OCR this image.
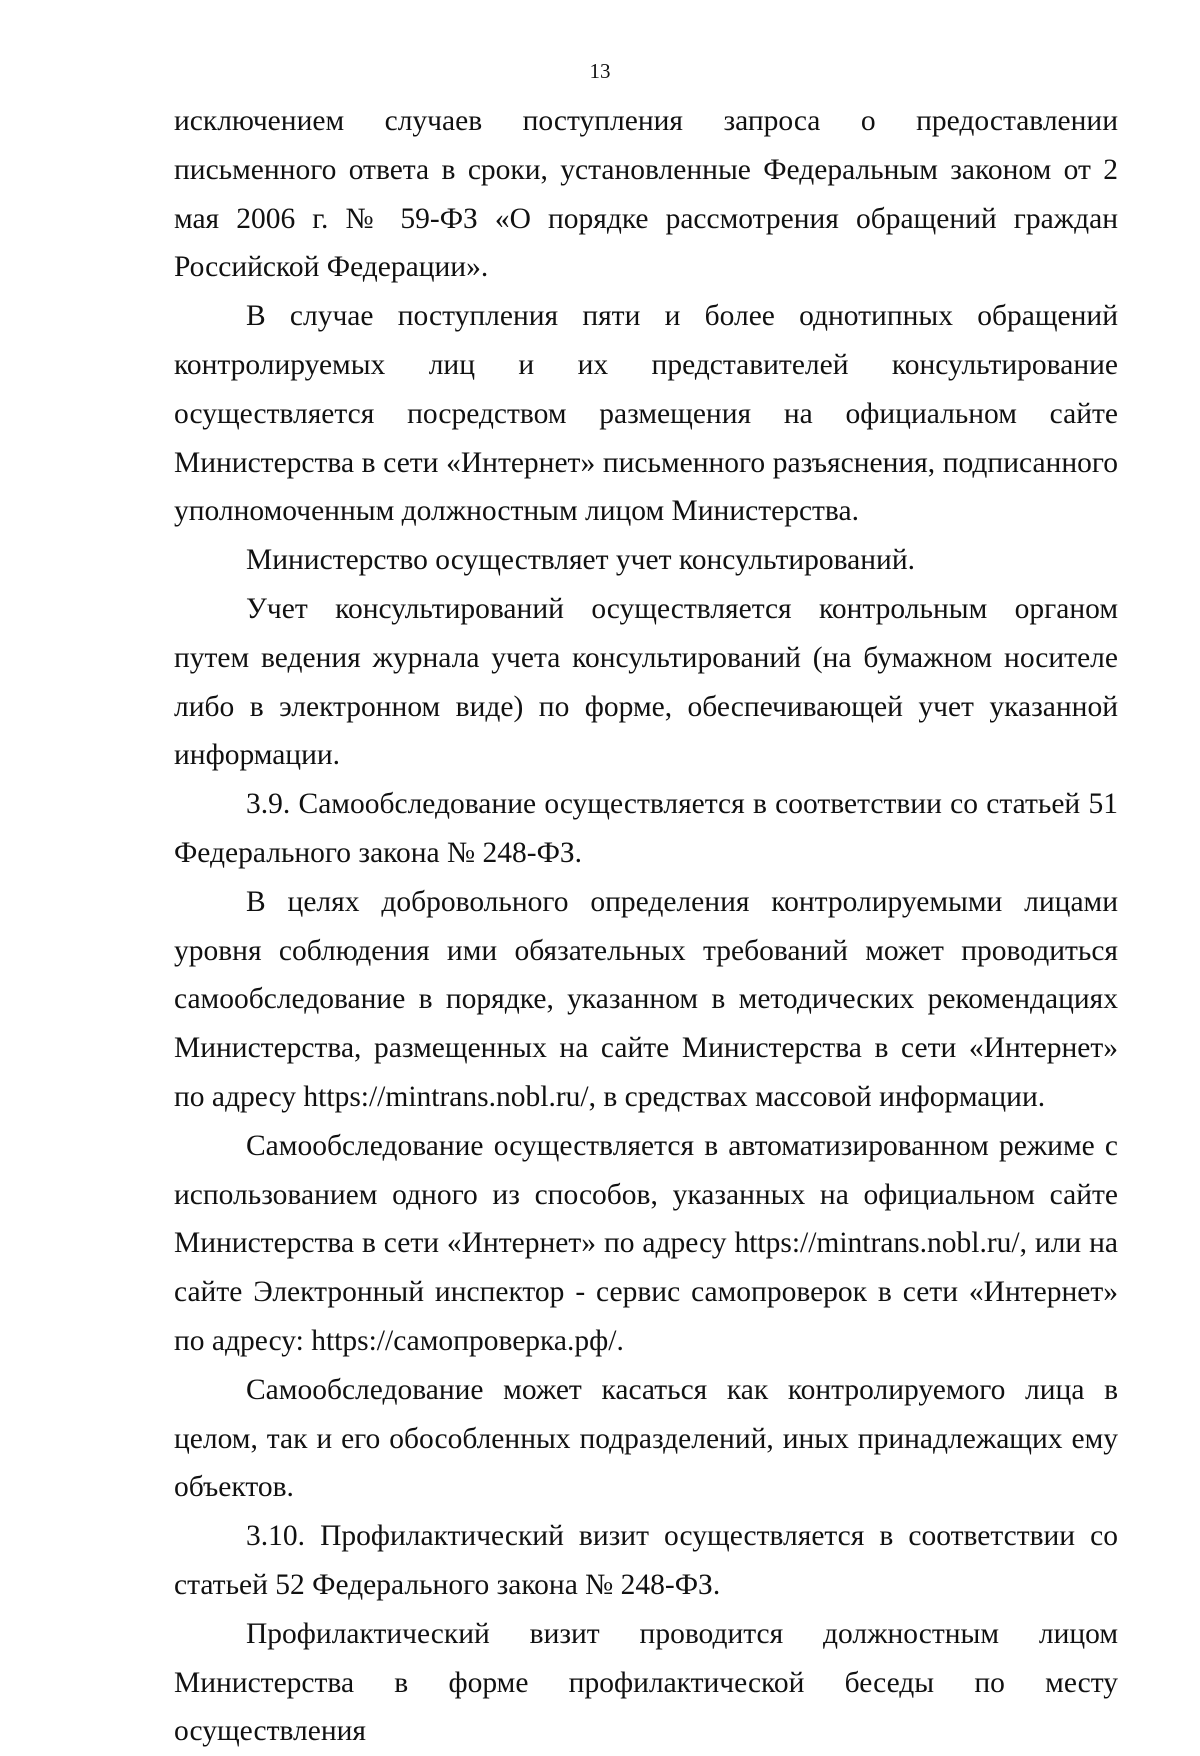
13

исключением случаев поступления запроса о предоставлении письменного ответа в сроки, установленные Федеральным законом от 2 мая 2006 г. № 59-ФЗ «О порядке рассмотрения обращений граждан Российской Федерации».

В случае поступления пяти и более однотипных обращений контролируемых лиц и их представителей консультирование осуществляется посредством размещения на официальном сайте Министерства в сети «Интернет» письменного разъяснения, подписанного уполномоченным должностным лицом Министерства.

Министерство осуществляет учет консультирований.

Учет консультирований осуществляется контрольным органом путем ведения журнала учета консультирований (на бумажном носителе либо в электронном виде) по форме, обеспечивающей учет указанной информации.

3.9. Самообследование осуществляется в соответствии со статьей 51 Федерального закона № 248-ФЗ.

В целях добровольного определения контролируемыми лицами уровня соблюдения ими обязательных требований может проводиться самообследование в порядке, указанном в методических рекомендациях Министерства, размещенных на сайте Министерства в сети «Интернет» по адресу https://mintrans.nobl.ru/, в средствах массовой информации.

Самообследование осуществляется в автоматизированном режиме с использованием одного из способов, указанных на официальном сайте Министерства в сети «Интернет» по адресу https://mintrans.nobl.ru/, или на сайте Электронный инспектор - сервис самопроверок в сети «Интернет» по адресу: https://самопроверка.рф/.

Самообследование может касаться как контролируемого лица в целом, так и его обособленных подразделений, иных принадлежащих ему объектов.

3.10. Профилактический визит осуществляется в соответствии со статьей 52 Федерального закона № 248-ФЗ.

Профилактический визит проводится должностным лицом Министерства в форме профилактической беседы по месту осуществления
